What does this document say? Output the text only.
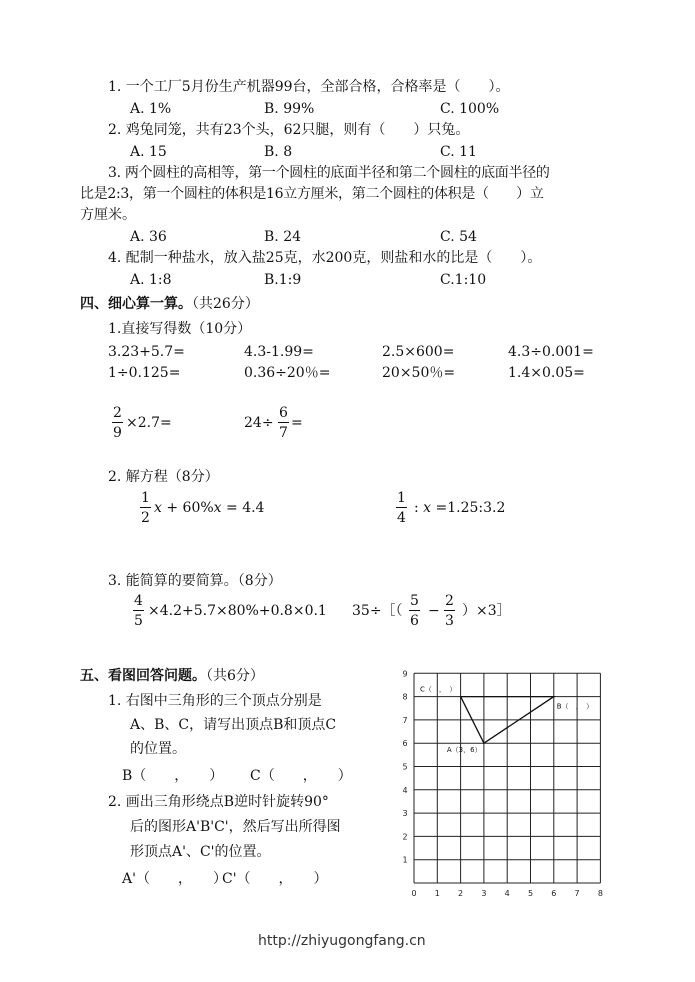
1. 一个工厂5月份生产机器99台，全部合格，合格率是（　　）。
A. 1%	B. 99%	C. 100%
2. 鸡兔同笼，共有23个头，62只腿，则有（　　）只兔。
A. 15	B. 8	C. 11
3. 两个圆柱的高相等，第一个圆柱的底面半径和第二个圆柱的底面半径的
比是2:3，第一个圆柱的体积是16立方厘米，第二个圆柱的体积是（　　）立
方厘米。
A. 36	B. 24	C. 54
4. 配制一种盐水，放入盐25克，水200克，则盐和水的比是（　　）。
A. 1:8	B.1:9	C.1:10
四、细心算一算。（共26分）
1.直接写得数（10分）
3.23+5.7=	4.3-1.99=	2.5×600=	4.3÷0.001=
1÷0.125=	0.36÷20％=	20×50％=	1.4×0.05=
$\frac{2}{9} \times 2.7=$	$24\div \frac{6}{7}$ =
2. 解方程（8分）
$\frac{1}{2}$ x + 60%x = 4.4	$\frac{1}{4}$ : x =1.25:3.2
3. 能简算的要简算。（8分）
$\frac{4}{5} \times 4.2+5.7\times 80\%+0.8\times 0.1$ 35÷［（ $\frac{5}{6} - \frac{2}{3}$ ）×3］
五、看图回答问题。（共6分）
1. 右图中三角形的三个顶点分别是
A、B、C，请写出顶点B和顶点C
的位置。
B（　　，　　） C（　　，　　）
2. 画出三角形绕点B逆时针旋转90°
后的图形A'B'C'，然后写出所得图
形顶点A'、C'的位置。
A'（　　，　　）
C'（　　，　　）
0 1 2 3 4 5 6 7 8
1
2
3
4
5
6
7
8
9
A（3，6）
B（　，　）
C（　，　）
http://zhiyugongfang.cn
